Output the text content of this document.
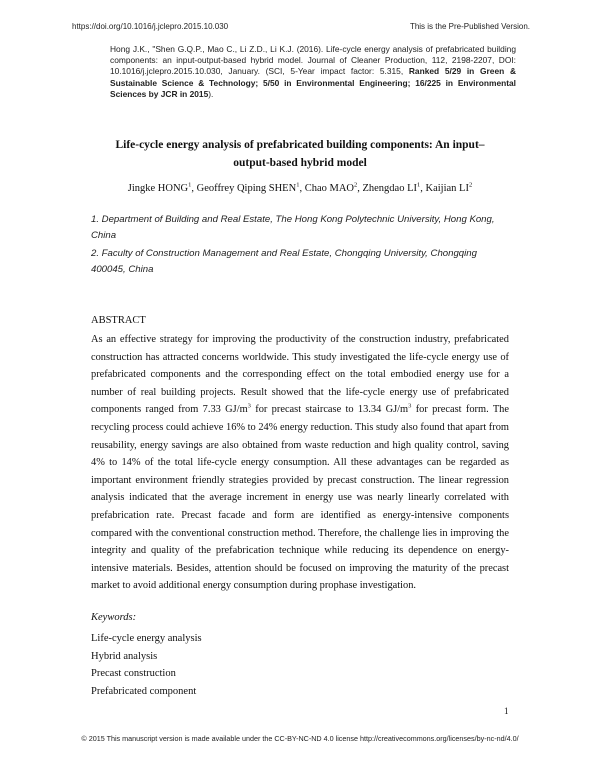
https://doi.org/10.1016/j.jclepro.2015.10.030	This is the Pre-Published Version.
Hong J.K., "Shen G.Q.P., Mao C., Li Z.D., Li K.J. (2016). Life-cycle energy analysis of prefabricated building components: an input-output-based hybrid model. Journal of Cleaner Production, 112, 2198-2207, DOI: 10.1016/j.jclepro.2015.10.030, January. (SCI, 5-Year impact factor: 5.315, Ranked 5/29 in Green & Sustainable Science & Technology; 5/50 in Environmental Engineering; 16/225 in Environmental Sciences by JCR in 2015).
Life-cycle energy analysis of prefabricated building components: An input–
output-based hybrid model
Jingke HONG$^1$, Geoffrey Qiping SHEN$^1$, Chao MAO$^2$, Zhengdao $LI^1$, Kaijian $LI^2$
1. Department of Building and Real Estate, The Hong Kong Polytechnic University, Hong Kong, China
2. Faculty of Construction Management and Real Estate, Chongqing University, Chongqing 400045, China
ABSTRACT
As an effective strategy for improving the productivity of the construction industry, prefabricated construction has attracted concerns worldwide. This study investigated the life-cycle energy use of prefabricated components and the corresponding effect on the total embodied energy use for a number of real building projects. Result showed that the life-cycle energy use of prefabricated components ranged from 7.33 $GJ/m^3$ for precast staircase to 13.34 $GJ/m^3$ for precast form. The recycling process could achieve 16% to 24% energy reduction. This study also found that apart from reusability, energy savings are also obtained from waste reduction and high quality control, saving 4% to 14% of the total life-cycle energy consumption. All these advantages can be regarded as important environment friendly strategies provided by precast construction. The linear regression analysis indicated that the average increment in energy use was nearly linearly correlated with prefabrication rate. Precast facade and form are identified as energy-intensive components compared with the conventional construction method. Therefore, the challenge lies in improving the integrity and quality of the prefabrication technique while reducing its dependence on energy-intensive materials. Besides, attention should be focused on improving the maturity of the precast market to avoid additional energy consumption during prophase investigation.
Keywords:
Life-cycle energy analysis
Hybrid analysis
Precast construction
Prefabricated component
1
© 2015 This manuscript version is made available under the CC-BY-NC-ND 4.0 license http://creativecommons.org/licenses/by-nc-nd/4.0/
